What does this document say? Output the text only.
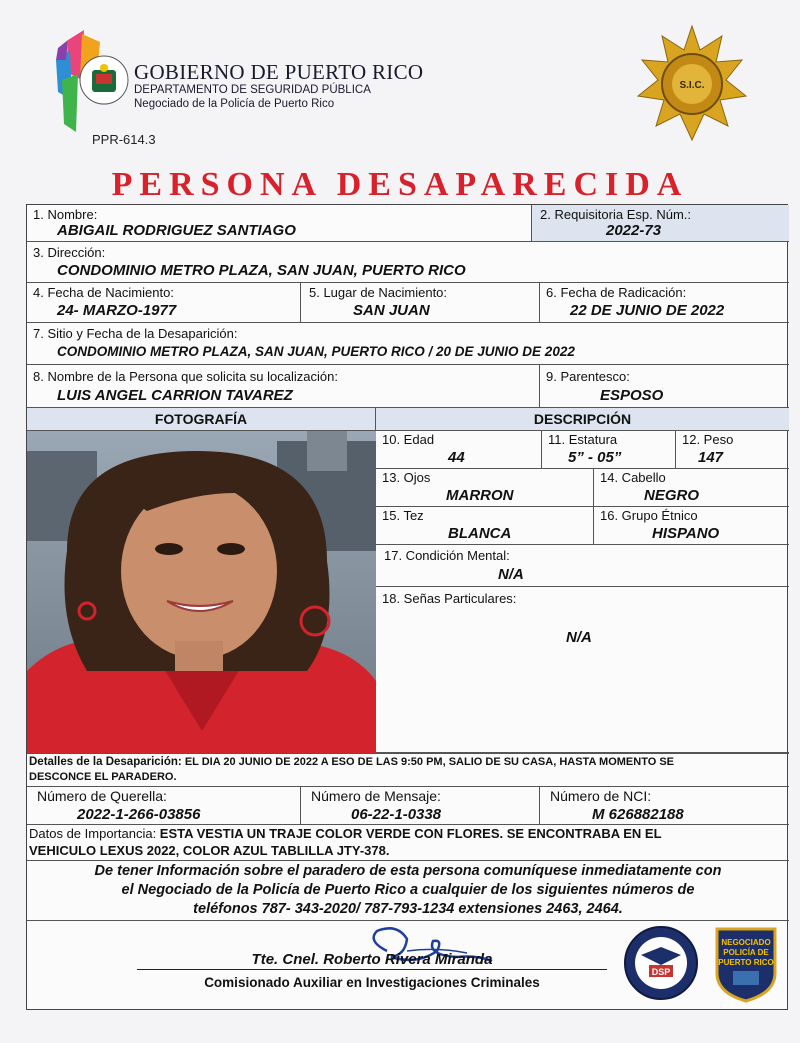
GOBIERNO DE PUERTO RICO
DEPARTAMENTO DE SEGURIDAD PÚBLICA
Negociado de la Policía de Puerto Rico
PPR-614.3
S.I.C.
PERSONA DESAPARECIDA
1. Nombre:
ABIGAIL RODRIGUEZ SANTIAGO
2. Requisitoria Esp. Núm.:
2022-73
3. Dirección:
CONDOMINIO METRO PLAZA, SAN JUAN, PUERTO RICO
4. Fecha de Nacimiento:
24- MARZO-1977
5. Lugar de Nacimiento:
SAN JUAN
6. Fecha de Radicación:
22 DE JUNIO DE 2022
7. Sitio y Fecha de la Desaparición:
CONDOMINIO METRO PLAZA, SAN JUAN, PUERTO RICO / 20 DE JUNIO DE 2022
8. Nombre de la Persona que solicita su localización:
LUIS ANGEL CARRION TAVAREZ
9. Parentesco:
ESPOSO
FOTOGRAFÍA	DESCRIPCIÓN
10. Edad
44
11. Estatura
5” - 05”
12. Peso
147
13. Ojos
MARRON
14. Cabello
NEGRO
15. Tez
BLANCA
16. Grupo Étnico
HISPANO
17. Condición Mental:
N/A
18. Señas Particulares:
N/A
Detalles de la Desaparición: EL DIA 20 JUNIO DE 2022 A ESO DE LAS 9:50 PM, SALIO DE SU CASA, HASTA MOMENTO SE
DESCONCE EL PARADERO.
Número de Querella:
2022-1-266-03856
Número de Mensaje:
06-22-1-0338
Número de NCI:
M 626882188
Datos de Importancia: ESTA VESTIA UN TRAJE COLOR VERDE CON FLORES. SE ENCONTRABA EN EL
VEHICULO LEXUS 2022, COLOR AZUL TABLILLA JTY-378.
De tener Información sobre el paradero de esta persona comuníquese inmediatamente con
el Negociado de la Policía de Puerto Rico a cualquier de los siguientes números de
teléfonos 787- 343-2020/ 787-793-1234 extensiones 2463, 2464.
Tte. Cnel. Roberto Rivera Miranda
Comisionado Auxiliar en Investigaciones Criminales
DSP
NEGOCIADO
POLICÍA DE
PUERTO RICO
